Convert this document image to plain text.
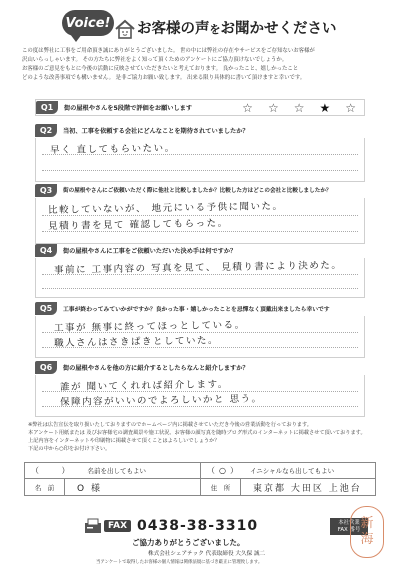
Voice! お客様の声をお聞かせください
この度は弊社に工事をご用命頂き誠にありがとうございました。 世の中には弊社の存在やサービスをご存知ないお客様が
沢山いらっしゃいます。 その方たちに弊社をよく知って頂くためのアンケートにご協力頂けないでしょうか。
お客様のご意見をもとに今後の活動に反映させていただきたいと考えております。 良かったこと、嬉しかったこと
どのような改善事項でも構いません。 是非ご協力お願い致します。 出来る限り具体的に書いて頂けますと幸いです。
Q1	街の屋根やさんを5段階で評価をお願いします	☆ ☆ ☆ ★ ☆
Q2	当初、工事を依頼する会社にどんなことを期待されていましたか？
早く 直してもらいたい。
Q3	街の屋根やさんにご依頼いただく際に他社と比較しましたか？比較した方はどこの会社と比較しましたか？
比較していないが、 地元にいる予供に聞いた。
見積り書を見て 確認してもらった。
Q4	街の屋根やさんに工事をご依頼いただいた決め手は何ですか？
事前に 工事内容の 写真を見て、 見積り書により決めた。
Q5	工事が終わってみていかがですか？良かった事・嬉しかったことを忌憚なく頂戴出来ましたら幸いです
工事が 無事に終ってほっとしている。
職人さんはさきぱきとしていた。
Q6	街の屋根やさんを他の方に紹介するとしたらなんと紹介しますか？
誰が 聞いてくれれば紹介します。
保障内容がいいのでよろしいかと 思う。
※弊社は広告宣伝を取り扱いたしておりますのでホームページ内に掲載させていただき今後の営業活動を行っております。
本アンケート用紙または 及びお客様宅の調査風景や施工状況、お客様の顔写真を随時ブログ形式のインターネットに掲載させて頂いております。
上記内容をインターネットや印刷物に掲載させて頂くことはよろしいでしょうか？
下記の中から○印をお付け下さい。
（ ） 名前を出してもよい	（○） イニシャルなら出してもよい
名　前	O 様	住　所	東京都 大田区 上池台
FAX 0438-38-3310	本社営業
FAX 番号
ご協力ありがとうございました。
株式会社シェアテック 代表取締役 大久保 誠二
当アンケートで取得したお客様の個人情報は関係法規に基づき厳正に管理致します。
新
海
